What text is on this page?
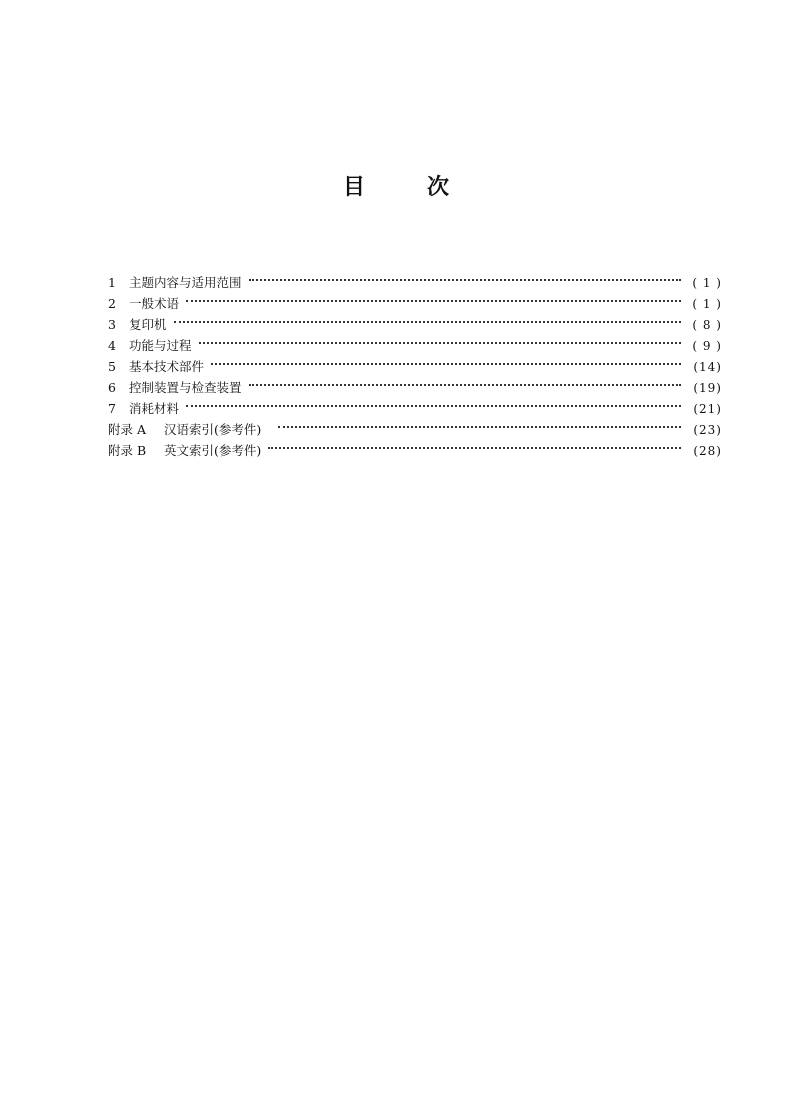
目	次
1	主题内容与适用范围	( 1 )
2	一般术语	( 1 )
3	复印机	( 8 )
4	功能与过程	( 9 )
5	基本技术部件	(14)
6	控制装置与检查装置	(19)
7	消耗材料	(21)
附录 A	汉语索引(参考件)	(23)
附录 B	英文索引(参考件)	(28)
